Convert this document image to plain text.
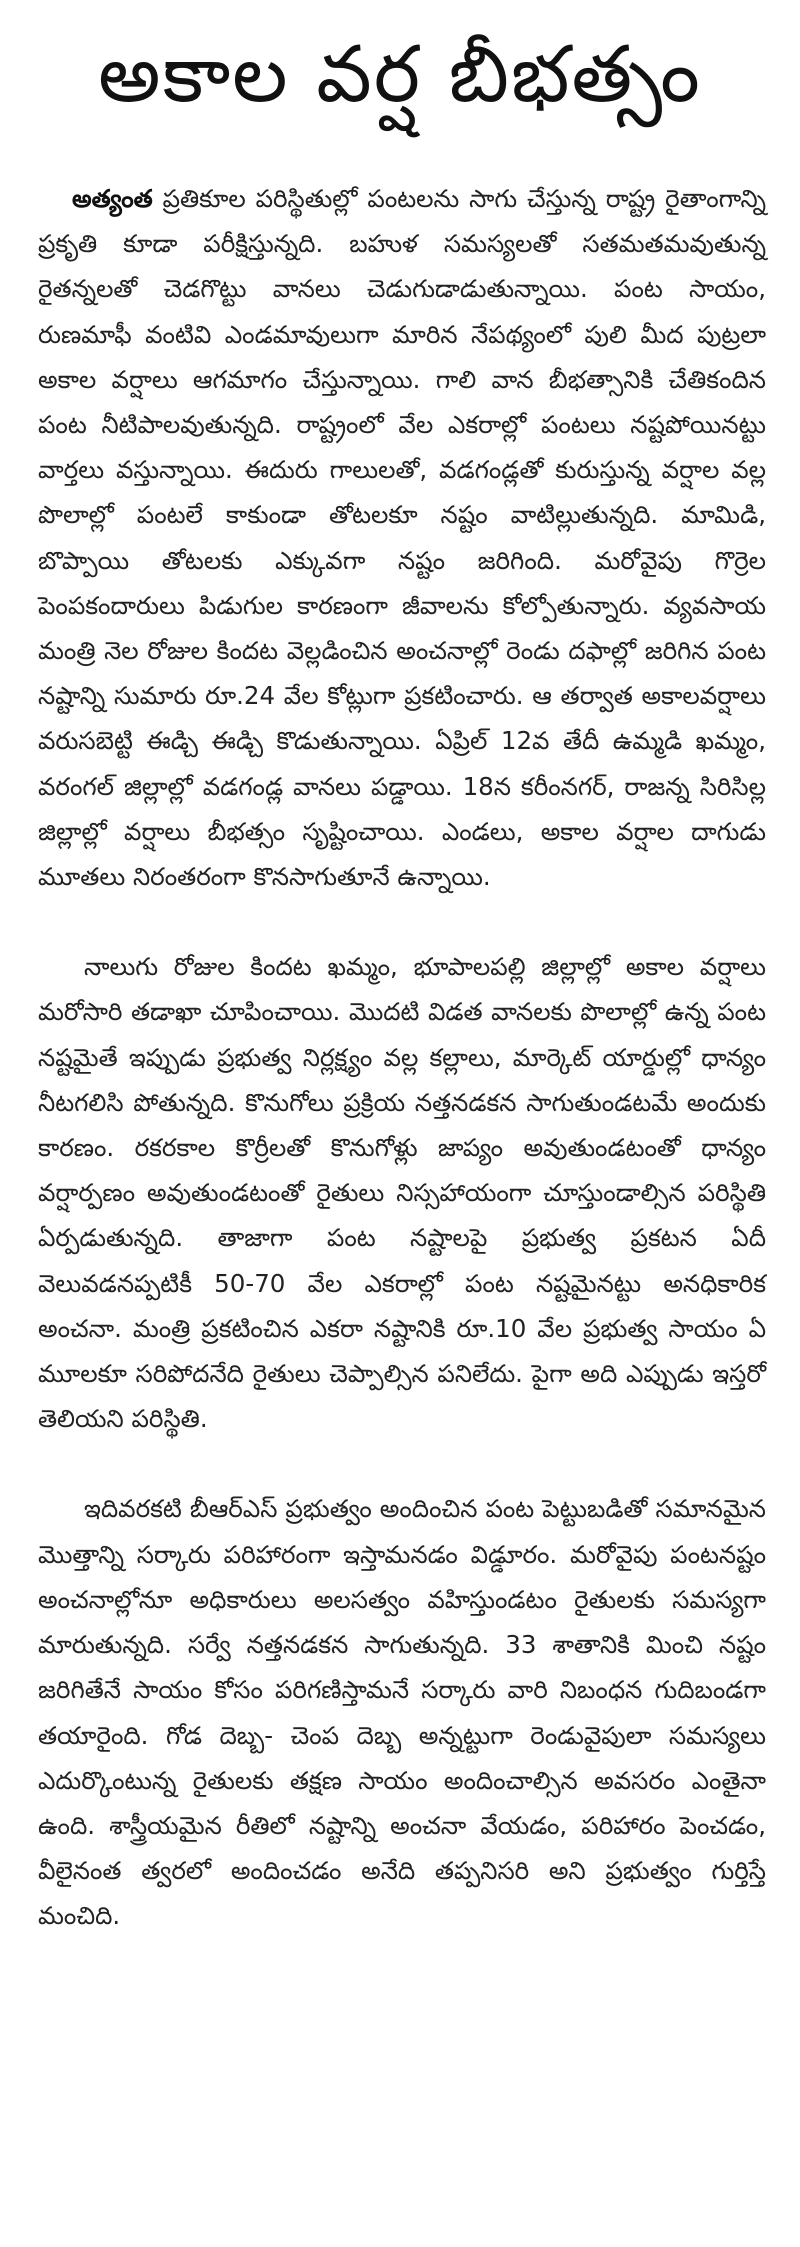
అకాల వర్ష బీభత్సం

అత్యంత ప్రతికూల పరిస్థితుల్లో పంటలను సాగు చేస్తున్న రాష్ట్ర రైతాంగాన్ని ప్రకృతి కూడా పరీక్షిస్తున్నది. బహుళ సమస్యలతో సతమతమవుతున్న రైతన్నలతో చెడగొట్టు వానలు చెడుగుడాడుతున్నాయి. పంట సాయం, రుణమాఫీ వంటివి ఎండమావులుగా మారిన నేపథ్యంలో పులి మీద పుట్రలా అకాల వర్షాలు ఆగమాగం చేస్తున్నాయి. గాలి వాన బీభత్సానికి చేతికందిన పంట నీటిపాలవుతున్నది. రాష్ట్రంలో వేల ఎకరాల్లో పంటలు నష్టపోయినట్టు వార్తలు వస్తున్నాయి. ఈదురు గాలులతో, వడగండ్లతో కురుస్తున్న వర్షాల వల్ల పొలాల్లో పంటలే కాకుండా తోటలకూ నష్టం వాటిల్లుతున్నది. మామిడి, బొప్పాయి తోటలకు ఎక్కువగా నష్టం జరిగింది. మరోవైపు గొర్రెల పెంపకందారులు పిడుగుల కారణంగా జీవాలను కోల్పోతున్నారు. వ్యవసాయ మంత్రి నెల రోజుల కిందట వెల్లడించిన అంచనాల్లో రెండు దఫాల్లో జరిగిన పంట నష్టాన్ని సుమారు రూ.24 వేల కోట్లుగా ప్రకటించారు. ఆ తర్వాత అకాలవర్షాలు వరుసబెట్టి ఈడ్చి ఈడ్చి కొడుతున్నాయి. ఏప్రిల్ 12వ తేదీ ఉమ్మడి ఖమ్మం, వరంగల్ జిల్లాల్లో వడగండ్ల వానలు పడ్డాయి. 18న కరీంనగర్, రాజన్న సిరిసిల్ల జిల్లాల్లో వర్షాలు బీభత్సం సృష్టించాయి. ఎండలు, అకాల వర్షాల దాగుడు మూతలు నిరంతరంగా కొనసాగుతూనే ఉన్నాయి.

నాలుగు రోజుల కిందట ఖమ్మం, భూపాలపల్లి జిల్లాల్లో అకాల వర్షాలు మరోసారి తడాఖా చూపించాయి. మొదటి విడత వానలకు పొలాల్లో ఉన్న పంట నష్టమైతే ఇప్పుడు ప్రభుత్వ నిర్లక్ష్యం వల్ల కల్లాలు, మార్కెట్ యార్డుల్లో ధాన్యం నీటగలిసి పోతున్నది. కొనుగోలు ప్రక్రియ నత్తనడకన సాగుతుండటమే అందుకు కారణం. రకరకాల కొర్రీలతో కొనుగోళ్లు జాప్యం అవుతుండటంతో ధాన్యం వర్షార్పణం అవుతుండటంతో రైతులు నిస్సహాయంగా చూస్తుండాల్సిన పరిస్థితి ఏర్పడుతున్నది. తాజాగా పంట నష్టాలపై ప్రభుత్వ ప్రకటన ఏదీ వెలువడనప్పటికీ 50-70 వేల ఎకరాల్లో పంట నష్టమైనట్టు అనధికారిక అంచనా. మంత్రి ప్రకటించిన ఎకరా నష్టానికి రూ.10 వేల ప్రభుత్వ సాయం ఏ మూలకూ సరిపోదనేది రైతులు చెప్పాల్సిన పనిలేదు. పైగా అది ఎప్పుడు ఇస్తరో తెలియని పరిస్థితి.

ఇదివరకటి బీఆర్ఎస్ ప్రభుత్వం అందించిన పంట పెట్టుబడితో సమానమైన మొత్తాన్ని సర్కారు పరిహారంగా ఇస్తామనడం విడ్డూరం. మరోవైపు పంటనష్టం అంచనాల్లోనూ అధికారులు అలసత్వం వహిస్తుండటం రైతులకు సమస్యగా మారుతున్నది. సర్వే నత్తనడకన సాగుతున్నది. 33 శాతానికి మించి నష్టం జరిగితేనే సాయం కోసం పరిగణిస్తామనే సర్కారు వారి నిబంధన గుదిబండగా తయారైంది. గోడ దెబ్బ- చెంప దెబ్బ అన్నట్టుగా రెండువైపులా సమస్యలు ఎదుర్కొంటున్న రైతులకు తక్షణ సాయం అందించాల్సిన అవసరం ఎంతైనా ఉంది. శాస్త్రీయమైన రీతిలో నష్టాన్ని అంచనా వేయడం, పరిహారం పెంచడం, వీలైనంత త్వరలో అందించడం అనేది తప్పనిసరి అని ప్రభుత్వం గుర్తిస్తే మంచిది.
